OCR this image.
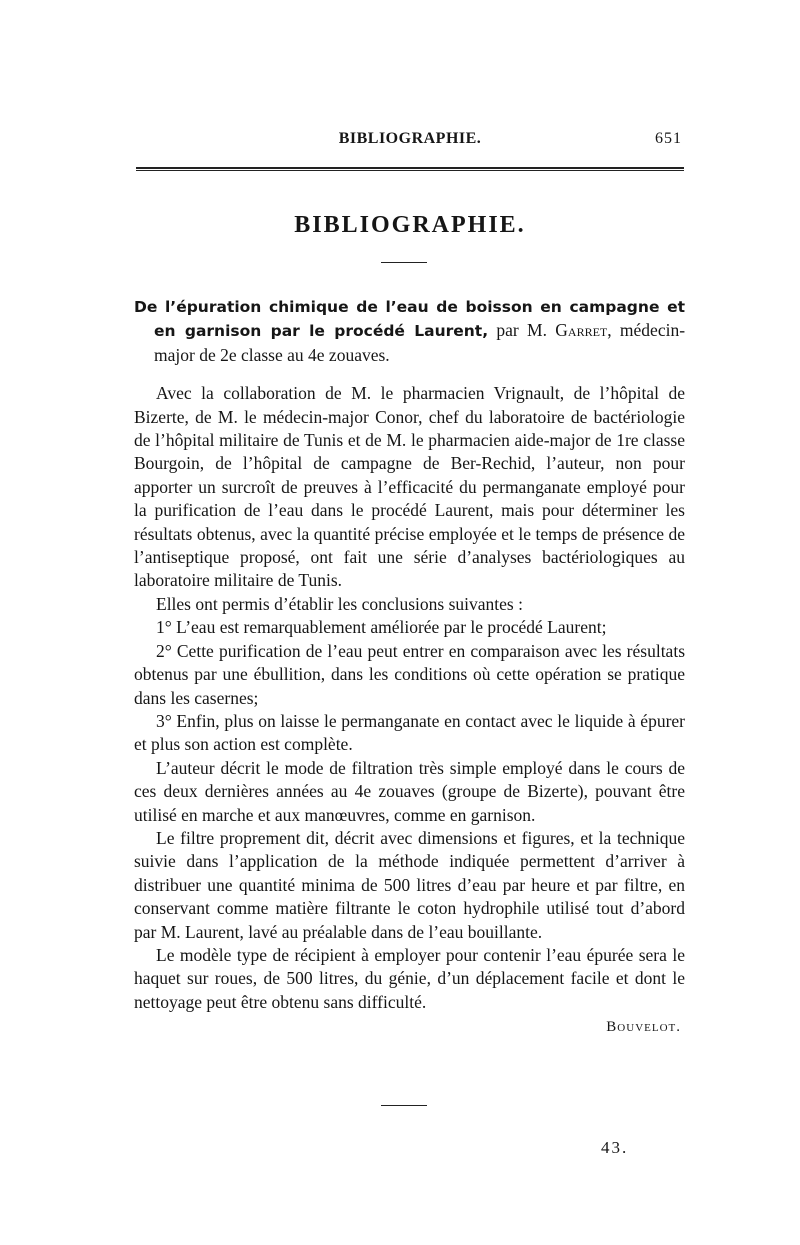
BIBLIOGRAPHIE.	651
BIBLIOGRAPHIE.

De l’épuration chimique de l’eau de boisson en campagne et en garnison par le procédé Laurent, par M. Garret, médecin-major de 2e classe au 4e zouaves.

Avec la collaboration de M. le pharmacien Vrignault, de l’hôpital de Bizerte, de M. le médecin-major Conor, chef du laboratoire de bactériologie de l’hôpital militaire de Tunis et de M. le pharmacien aide-major de 1re classe Bourgoin, de l’hôpital de campagne de Ber-Rechid, l’auteur, non pour apporter un surcroît de preuves à l’efficacité du permanganate employé pour la purification de l’eau dans le procédé Laurent, mais pour déterminer les résultats obtenus, avec la quantité précise employée et le temps de présence de l’antiseptique proposé, ont fait une série d’analyses bactériologiques au laboratoire militaire de Tunis.

Elles ont permis d’établir les conclusions suivantes :

1° L’eau est remarquablement améliorée par le procédé Laurent;

2° Cette purification de l’eau peut entrer en comparaison avec les résultats obtenus par une ébullition, dans les conditions où cette opération se pratique dans les casernes;

3° Enfin, plus on laisse le permanganate en contact avec le liquide à épurer et plus son action est complète.

L’auteur décrit le mode de filtration très simple employé dans le cours de ces deux dernières années au 4e zouaves (groupe de Bizerte), pouvant être utilisé en marche et aux manœuvres, comme en garnison.

Le filtre proprement dit, décrit avec dimensions et figures, et la technique suivie dans l’application de la méthode indiquée permettent d’arriver à distribuer une quantité minima de 500 litres d’eau par heure et par filtre, en conservant comme matière filtrante le coton hydrophile utilisé tout d’abord par M. Laurent, lavé au préalable dans de l’eau bouillante.

Le modèle type de récipient à employer pour contenir l’eau épurée sera le haquet sur roues, de 500 litres, du génie, d’un déplacement facile et dont le nettoyage peut être obtenu sans difficulté.

Bouvelot.

43.
